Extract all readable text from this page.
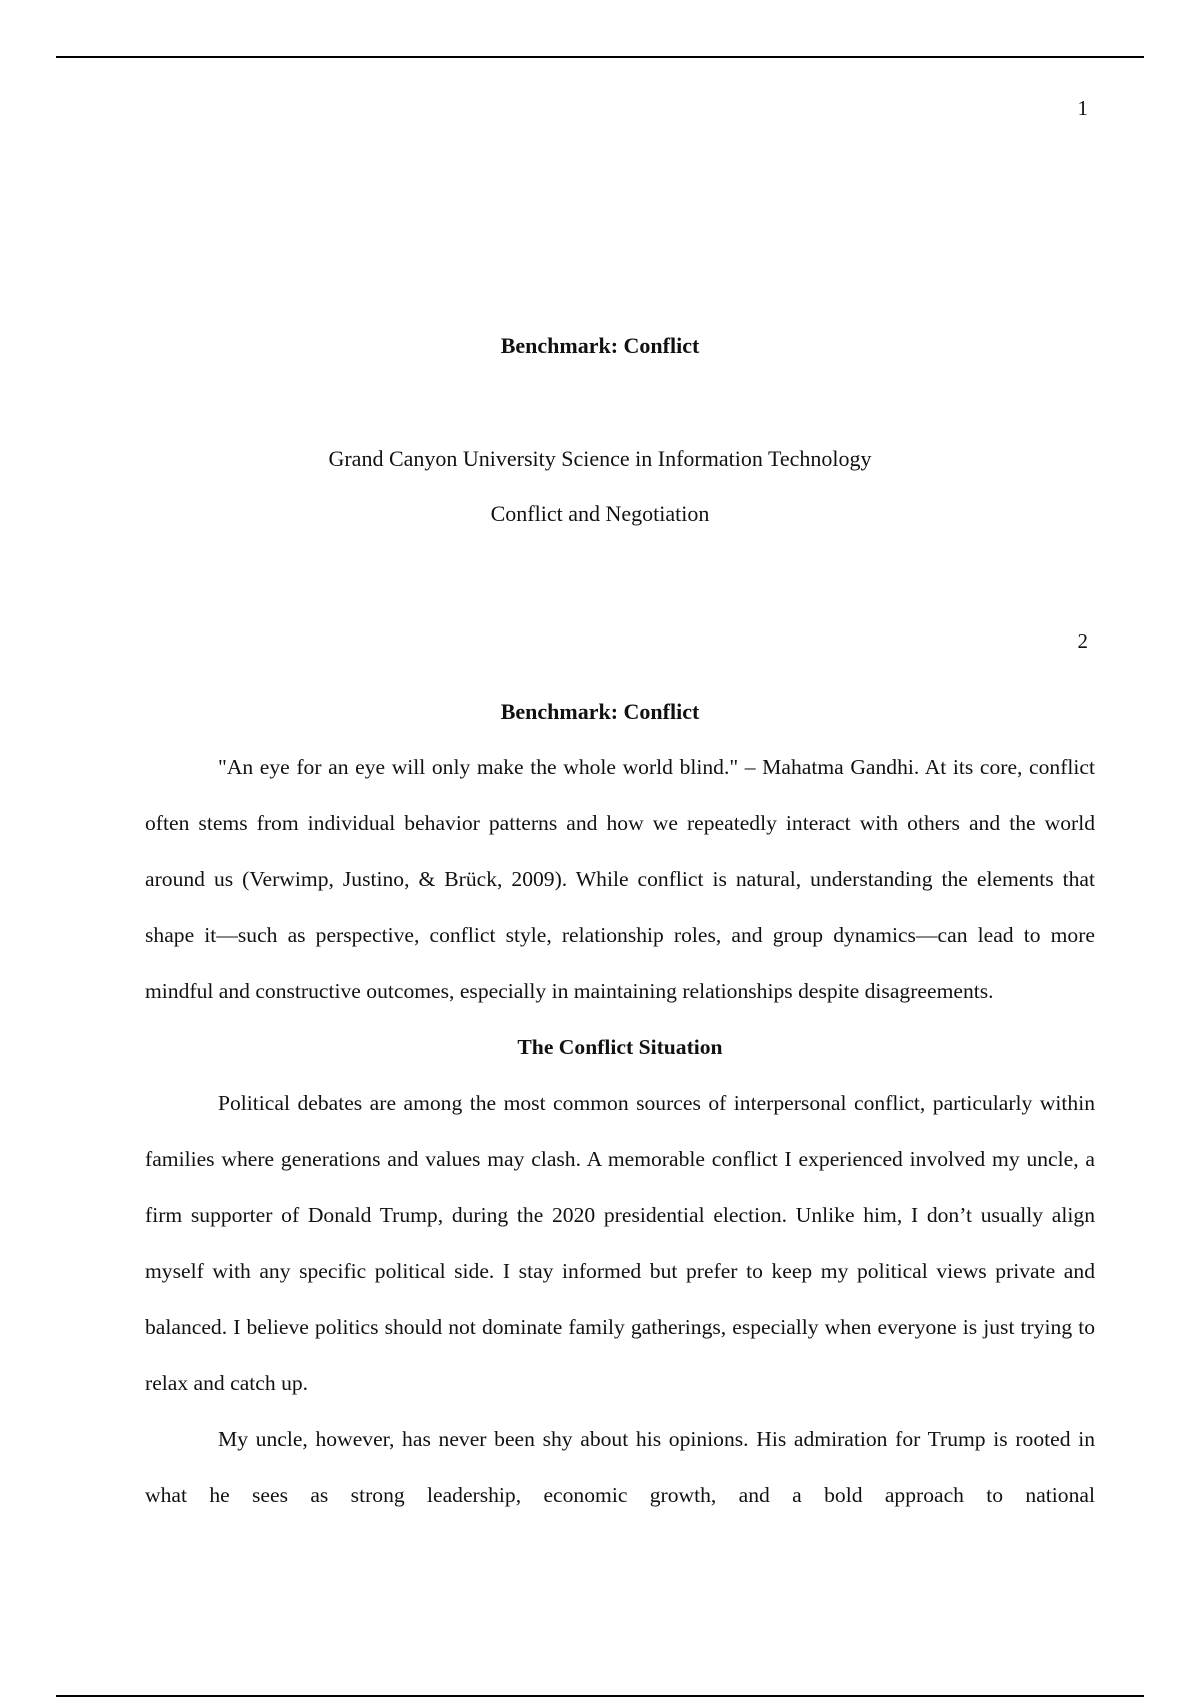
1
Benchmark: Conflict
Grand Canyon University Science in Information Technology
Conflict and Negotiation
2
Benchmark: Conflict

"An eye for an eye will only make the whole world blind." – Mahatma Gandhi. At its core, conflict often stems from individual behavior patterns and how we repeatedly interact with others and the world around us (Verwimp, Justino, & Brück, 2009). While conflict is natural, understanding the elements that shape it—such as perspective, conflict style, relationship roles, and group dynamics—can lead to more mindful and constructive outcomes, especially in maintaining relationships despite disagreements.

The Conflict Situation

Political debates are among the most common sources of interpersonal conflict, particularly within families where generations and values may clash. A memorable conflict I experienced involved my uncle, a firm supporter of Donald Trump, during the 2020 presidential election. Unlike him, I don’t usually align myself with any specific political side. I stay informed but prefer to keep my political views private and balanced. I believe politics should not dominate family gatherings, especially when everyone is just trying to relax and catch up.

My uncle, however, has never been shy about his opinions. His admiration for Trump is rooted in what he sees as strong leadership, economic growth, and a bold approach to national
